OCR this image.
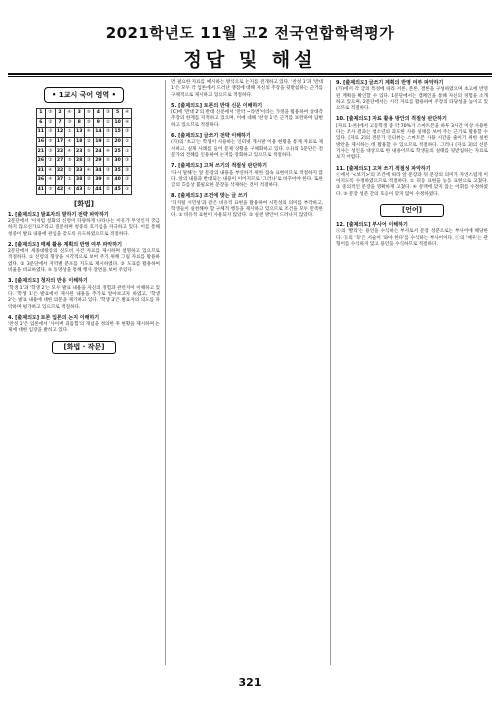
2021학년도 11월 고2 전국연합학력평가
정답 및 해설
• 1교시 국어 영역 •
1	⑤	2	④	3	⑤	4	③	5	④
6	②	7	③	8	⑤	9	①	10	④
11	③	12	①	13	④	14	③	15	③
16	⑤	17	④	18	②	19	①	20	①
21	③	22	④	23	⑤	24	④	25	①
26	②	27	⑤	28	③	29	⑤	30	③
31	④	32	②	33	④	34	③	35	②
36	④	37	①	38	②	39	⑤	40	②
41	⑤	42	④	43	①	44	②	45	①
[화법]
1. [출제의도] 발표자의 말하기 전략 파악하기

2문단에서 '이처럼 설화의 신령이 다양하게 나타나는 이유가 무엇인지 궁금하지 않으신가요?'라고 질문하며 청중의 호기심을 자극하고 있다. 이를 통해 청중이 발표 내용에 관심을 갖도록 유도하였으므로 적절하다.

2. [출제의도] 매체 활용 계획의 반영 여부 파악하기

2문단에서 세종대왕릉의 신도비 사진 자료를 제시하며 설명하고 있으므로 적절하다. ① 신령의 형상을 시각적으로 보여 주기 위해 그림 자료를 활용하였다. ② 3문단에서 지역별 분포를 지도로 제시하였다. ③ 도표를 활용하여 비율을 비교하였다. ⑤ 동영상을 통해 행사 장면을 보여 주었다.

3. [출제의도] 청자의 반응 이해하기

'학생 1'과 '학생 2'는 모두 발표 내용을 자신의 경험과 관련지어 이해하고 있다. '학생 1'은 발표에서 제시된 내용을 추가로 알아보고자 하였고, '학생 2'는 발표 내용에 대한 의문을 제기하고 있다. '학생 3'은 발표자의 의도를 파악하며 평가하고 있으므로 적절하다.

4. [출제의도] 토론 입론의 논지 이해하기

'찬성 1'은 입론에서 '사이버 괴롭힘'의 개념을 정의한 후 현황을 제시하며 논제에 대한 입장을 밝히고 있다.

[화법 · 작문]

면 필요한 자료를 예시하는 방식으로 논지를 전개하고 있다. '찬성 1'과 '반대 1'은 모두 각 입론에서 드러난 쟁점에 대해 자신의 주장을 뒷받침하는 근거를 구체적으로 제시하고 있으므로 적절하다.

5. [출제의도] 토론의 반대 신문 이해하기

[C]에 '반대 2'의 반대 신문에서 '만약 ~라면'이라는 가정을 활용하여 상대측 주장의 한계를 지적하고 있으며, 이에 대해 '찬성 1'은 근거를 보완하여 답변하고 있으므로 적절하다.

6. [출제의도] 글쓰기 전략 이해하기

(가)의 '초고'는 학생이 사용하는 인터넷 게시판 이용 현황을 통계 자료로 제시하고, 실제 사례를 들어 문제 상황을 구체화하고 있다. (나)의 1문단은 전문가의 견해를 인용하여 논지를 강화하고 있으므로 적절하다.

7. [출제의도] 고쳐 쓰기의 적절성 판단하기

'다시 말해'는 앞 문장의 내용을 부연하기 위한 접속 표현이므로 적절하지 않다. 앞의 내용과 반대되는 내용이 이어지므로 '그러나'로 바꾸어야 한다. 또한 글의 흐름상 불필요한 문장을 삭제하는 것이 적절하다.

8. [출제의도] 조건에 맞는 글 쓰기

'디지털 시민성'과 같은 비유적 표현을 활용하여 시민성의 의미를 부각하고, 학생들이 실천해야 할 구체적 행동을 제시하고 있으므로 조건을 모두 만족한다. ① 비유적 표현이 사용되지 않았다. ② 실천 방안이 드러나지 않았다.

9. [출제의도] 글쓰기 계획의 반영 여부 파악하기

(가)에서 각 글의 특성에 따라 서론, 본론, 결론을 구성하였으며 초고에 반영된 계획을 확인할 수 있다. 1문단에서는 캠페인을 통해 자신의 경험을 소개하고 있으며, 2문단에서는 시각 자료를 활용하여 주장의 타당성을 높이고 있으므로 적절하다.

10. [출제의도] 자료 활용 방안의 적절성 판단하기

[자료 1-㉮]에서 고등학생 중 약 70%가 스마트폰을 하루 3시간 이상 사용한다는 조사 결과는 청소년의 과도한 사용 실태를 보여 주는 근거로 활용할 수 있다. [자료 2]의 전문가 인터뷰는 스마트폰 사용 시간을 줄이기 위한 실천 방안을 제시하는 데 활용할 수 있으므로 적절하다. 그러나 [자료 3]의 신문 기사는 성인을 대상으로 한 내용이므로 학생들의 실태를 뒷받침하는 자료로 보기 어렵다.

11. [출제의도] 고쳐 쓰기 적절성 파악하기

ⓒ에서 '<보기>'의 조건에 따라 앞 문장과 뒤 문장의 의미가 자연스럽게 이어지도록 수정하였으므로 적절하다. ① 피동 표현을 능동 표현으로 고쳤다. ② 중의적인 문장을 명확하게 고쳤다. ④ 문맥에 맞지 않는 어휘를 수정하였다. ⑤ 문장 성분 간의 호응이 맞지 않아 수정하였다.

[언어]
12. [출제의도] 부사어 이해하기

ⓐ의 '빨리'는 용언을 수식하는 부사로서 문장 성분으로는 부사어에 해당한다. ⓑ의 '꼭'은 서술어 '와야 한다'를 수식하는 부사어이다. ⓒ의 '매우'는 관형어를 수식하지 않고 용언을 수식하므로 적절하다.

321
